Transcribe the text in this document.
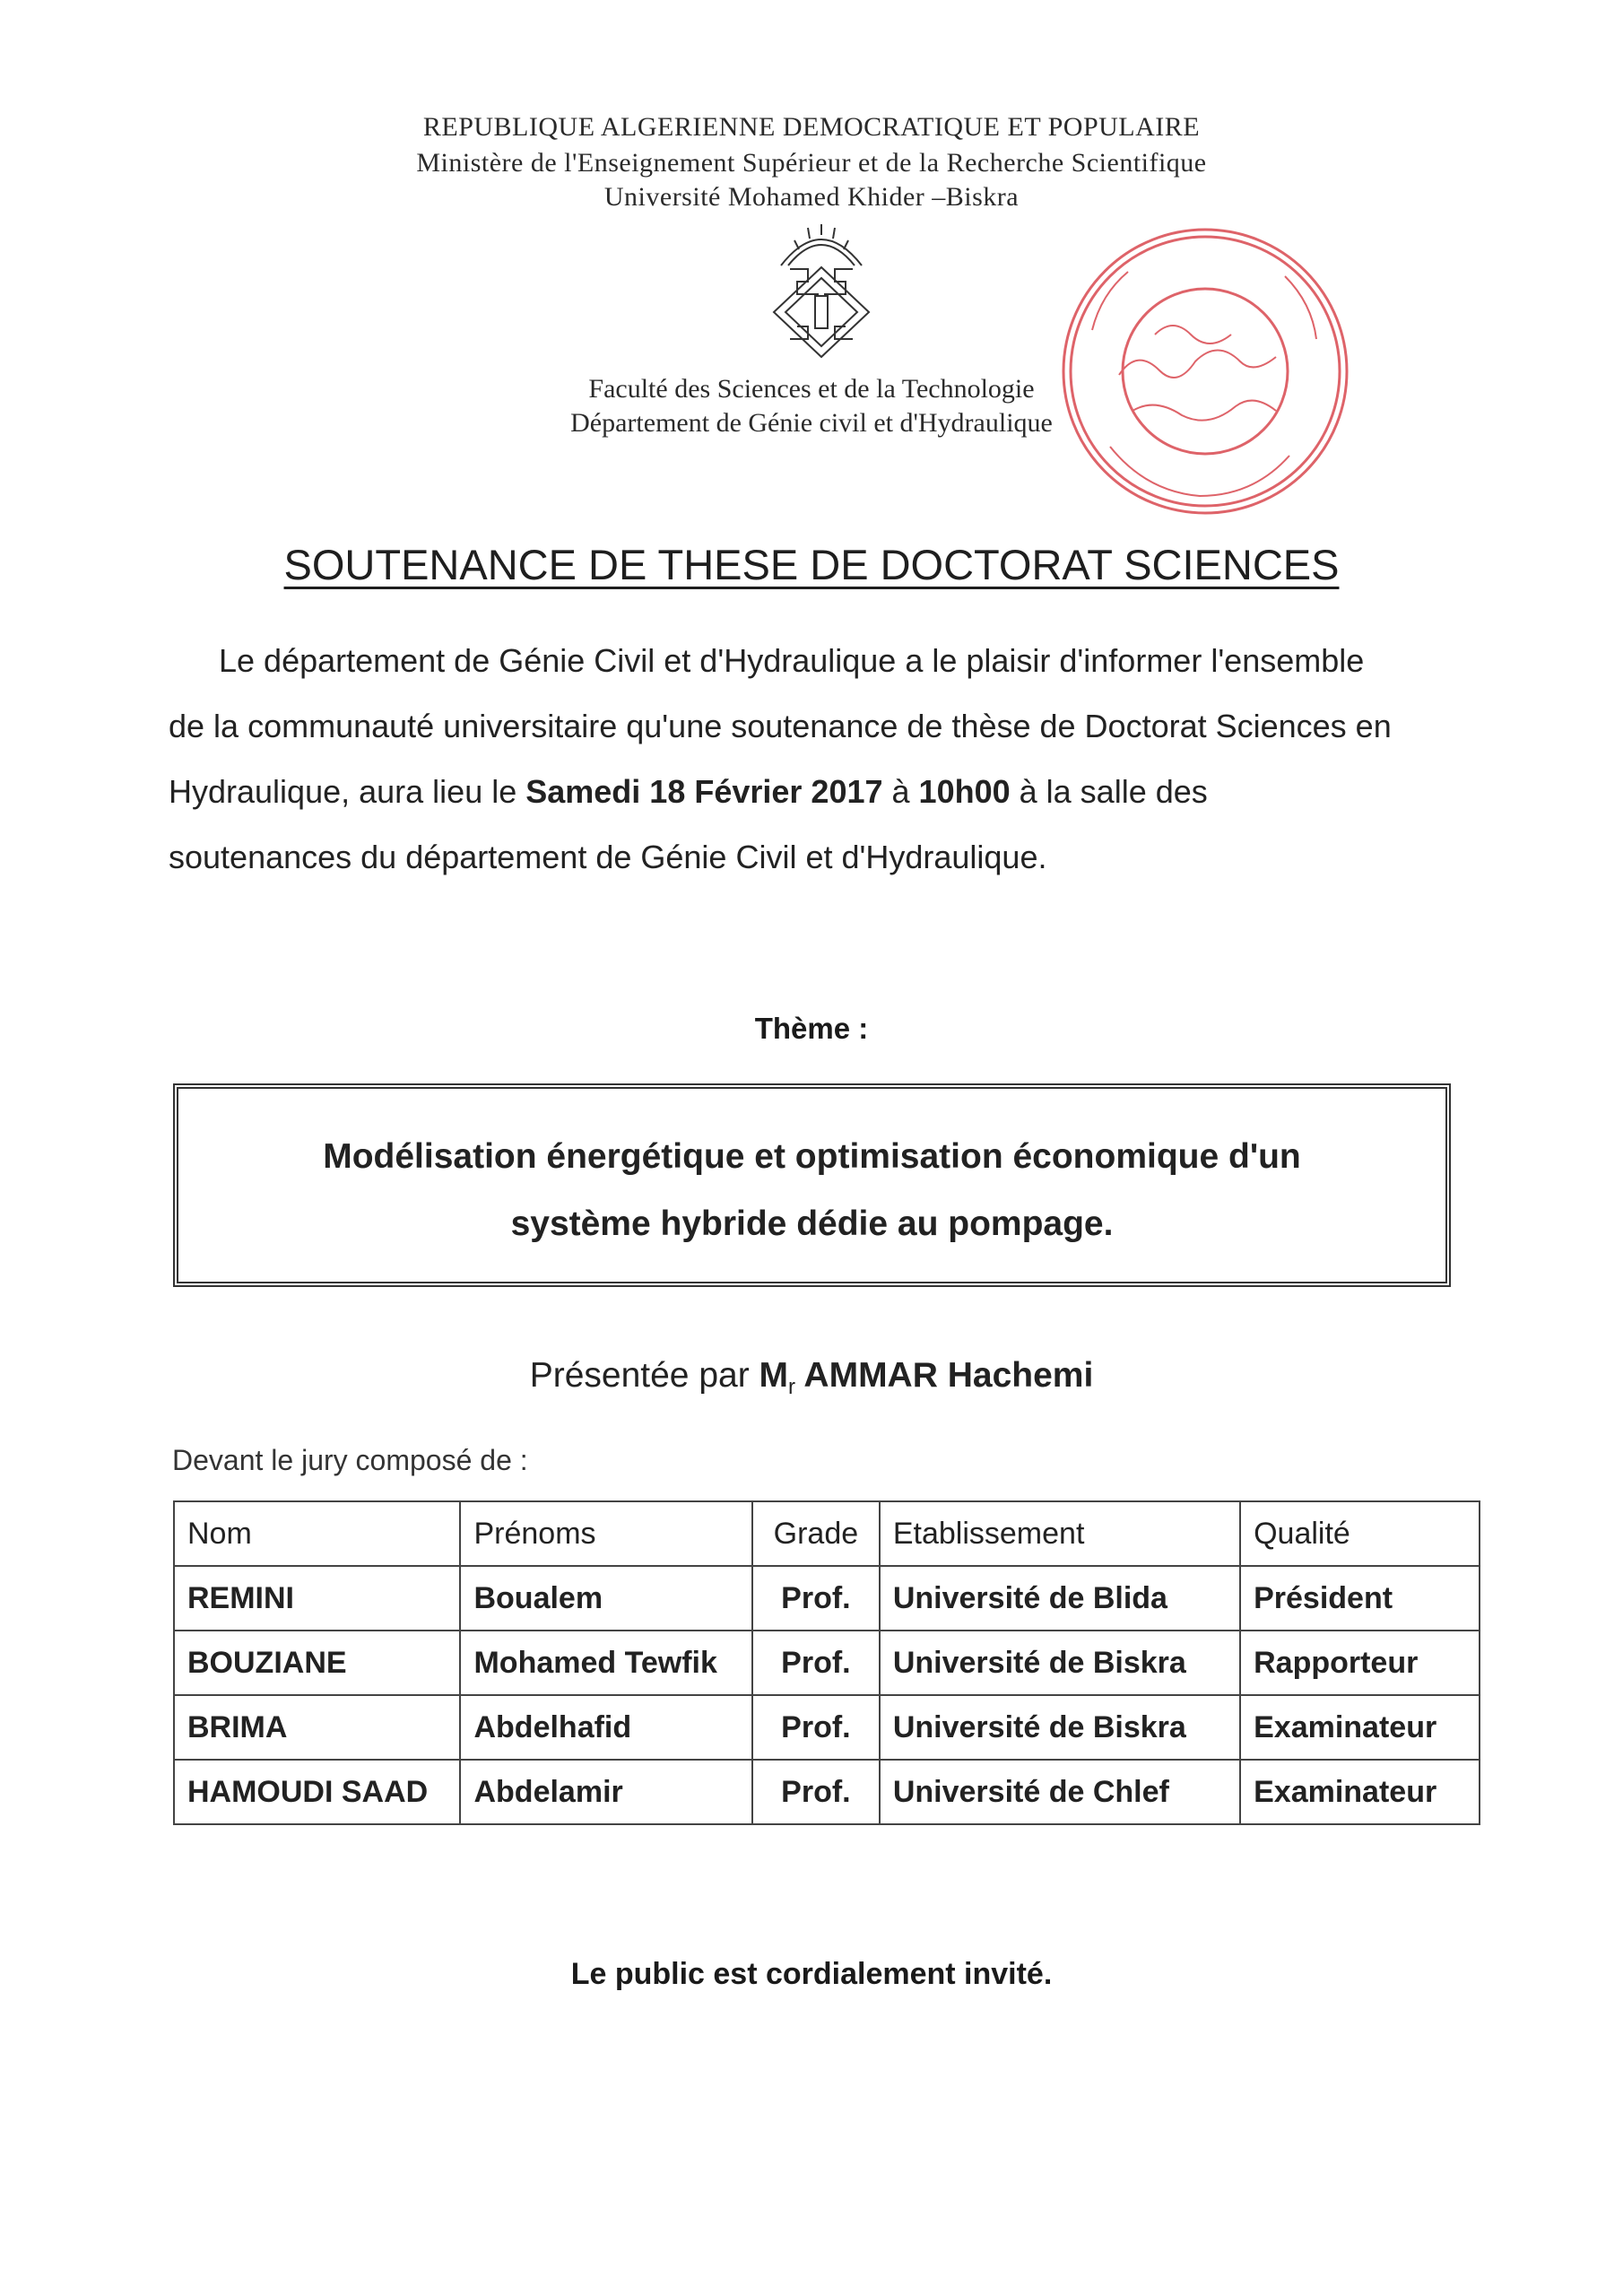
REPUBLIQUE ALGERIENNE DEMOCRATIQUE ET POPULAIRE
Ministère de l'Enseignement Supérieur et de la Recherche Scientifique
Université Mohamed Khider –Biskra
Faculté des Sciences et de la Technologie
Département de Génie civil et d'Hydraulique
SOUTENANCE DE THESE DE DOCTORAT SCIENCES
Le département de Génie Civil et d'Hydraulique a le plaisir d'informer l'ensemble de la communauté universitaire qu'une soutenance de thèse de Doctorat Sciences en Hydraulique, aura lieu le Samedi 18 Février 2017 à 10h00 à la salle des soutenances du département de Génie Civil et d'Hydraulique.
Thème :
Modélisation énergétique et optimisation économique d'un système hybride dédie au pompage.
Présentée par $M_r$ AMMAR Hachemi
Devant le jury composé de :
Nom	Prénoms	Grade	Etablissement	Qualité
REMINI	Boualem	Prof.	Université de Blida	Président
BOUZIANE	Mohamed Tewfik	Prof.	Université de Biskra	Rapporteur
BRIMA	Abdelhafid	Prof.	Université de Biskra	Examinateur
HAMOUDI SAAD	Abdelamir	Prof.	Université de Chlef	Examinateur
Le public est cordialement invité.
